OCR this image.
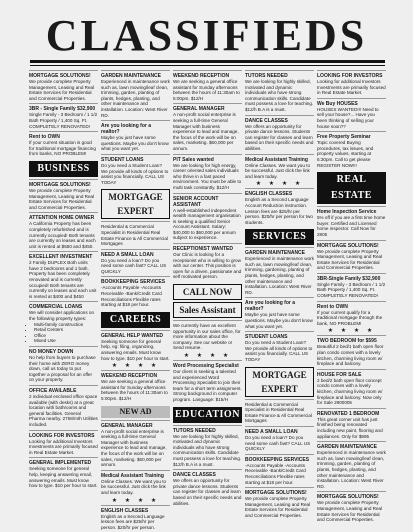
CLASSIFIEDS
MORTGAGE SOLUTIONS!
We provide complete Property Management, Leasing and Real Estate Services for Residential and Commercial Properties.
3BR - Single Family $32,900
Single Family - 3 Bedroom / 1 1/2 Bath Property / 1,400 Sq. Ft. COMPLETELY RENOVATED!
Rent to OWN
If your current situation is good for traditional mortgage financing from banks, NO PROBLEM!
BUSINESS
MORTGAGE SOLUTIONS!
We provide complete Property Management, Leasing and Real Estate Services for Residential and Commercial Properties.
ATTENTION HOME OWNER
A California Property has been completely refurbished and is currently occupied! Both tenants are currently on leases and each unit is rented at $550 and $450.
EXCELLENT INVESTMENT
2 Family DUPLEX Both units have 2 bedrooms and 1 bath. Property has been completely renovated and is currently occupied! Both tenants are currently on leases and each unit is rented at $400 and $450
COMMERCIAL LOANS
We will consider applications on the following property types:
• Multi-family construction
• Retail Centers
• Office
• Mixed Use
NO MONEY DOWN
No help from buyers to purchase their home with ZERO money down, call us today to put together a proposal for an offer on your property.
OFFICE AVAILABLE
2 individual enclosed office space available (with desks) at a great location with bathrooms and general facilities. General Pharma nearby. 2758/mth Utilities included.
LOOKING FOR INVESTORS
Looking for additional Investors Investments are primarily focused in Real Estate Market.
GENERAL IMPLEMENTED
Seeking someone for general help, keeping answering email, answering emails. Must know how to type. $10 per hour to start.
GARDEN MAINTENANCE
Experienced in maintenance work such as, lawn mowing/leaf clean, trimming, garden, planting of plants, hedges, planting, and other maintenance and installation. Location: West River RD.
Are you looking for a realtor?
Maybe you just have some questions. Maybe you don't know what you want yet.
STUDENT LOANS
Do you need a Student Loan? We provide all kinds of options to assist you financially. CALL US TODAY
MORTGAGE EXPERT
Residential & Commercial Specialist in Residential Real Estate Finance & All Commercial Mortgages
NEED A SMALL LOAN
Do you need a loan? Do you need some cash fast? CALL US QUICKLY
BOOKKEEPING SERVICES
-Accounts Payable -Accounts Receivable -Bank/Credit Card Reconciliations Flexible rates starting at $18 per hour.
CAREERS
GENERAL HELP WANTED
Seeking someone for general help, eg: filing, organizing, answering emails. Must know how to type. $10 per hour to start.
★ ★ ★ ★
WEEKEND RECEPTION
We are seeking a general office assistant for Sunday afternoons between the hours of 11:30am to 5:00pm. $12/H
NEW AD
GENERAL MANAGER
A non-profit social enterprise is seeking a full-time General Manager with business experience to lead and manage, the focus of the work will be on sales, marketing. $60,000 per annum.
Medical Assistant Training
Online Classes. We want you to be successful. Just click the link and learn today.
★ ★ ★ ★
ENGLISH CLASSES
English as a Second Language lesson fees are $25/hr per person. $20/hr per person.
WEEKEND RECEPTION
We are seeking a general office assistant for Sunday afternoons between the hours of 11:30am to 5:00pm. $12/H
GENERAL MANAGER
A non-profit social enterprise is seeking a full-time General Manager with business experience to lead and manage, the focus of the work will be on sales, marketing. $60,000 per annum.
PIT Sales wanted
We are looking for high energy, career oriented sales individuals who thrive in a fast paced environment. You must be able to multi task constantly. $12/H
SENIOR ACCOUNT ASSISTANT
A well-established independent wealth management organisation is seeking a qualified Senior Account Assistant. Salary: $40,000 to $60,000 per annum subject to experience.
RECEPTIONIST WANTED
Our Clinic is looking for a receptionist who is willing to grow with our center. This position is open for a driven, passionate and self motivated person.
CALL NOW
Sales Assistant
We currently have an excellent opportunity in our sales office, for more information about the company. See our website or Send resume.
★ ★ ★ ★
Word Processing Specialist
Our client is seeking a talented and experienced Word Processing Specialist to join their team for a short term assignment. Strong background in computer program. Language: $15/H
EDUCATION
TUTORS NEEDED
We are looking for highly skilled, motivated and dynamic individuals who have strong communication skills. Candidate must possess a love for teaching. $12/h B.A is a must.
DANCE CLASSES
We offers an opportunity for private dance lessons. Students can register for classes and learn based on their specific needs and abilities.
TUTORS NEEDED
We are looking for highly skilled, motivated and dynamic individuals who have strong communication skills. Candidate must possess a love for teaching. $12/h B.A is a must.
DANCE CLASSES
We offers an opportunity for private dance lessons. Students can register for classes and learn based on their specific needs and abilities.
Medical Assistant Training
Online Classes. We want you to be successful. Just click the link and learn today.
★ ★ ★ ★
ENGLISH CLASSES
English as a Second Language Account Reduction instruction. Lesson fees are $25/hr per person. $20/hr per person for two students.
SERVICES
GARDEN MAINTENANCE
Experienced in maintenance work such as, lawn mowing/leaf clean, trimming, gardening, planting of plants, hedges, planting, and other maintenance and installation. Location: West River RD.
Are you looking for a realtor?
Maybe you just have some questions. Maybe you don't know what you want yet.
STUDENT LOANS
Do you need a Student Loan? We provide all kinds of options to assist you financially. CALL US TODAY
MORTGAGE EXPERT
Residential & Commercial Specialist in Residential Real Estate Finance & All Commercial Mortgages
NEED A SMALL LOAN
Do you need a loan? Do you need some cash fast? CALL US QUICKLY
BOOKKEEPING SERVICES
-Accounts Payable -Accounts Receivable -Bank/Credit Card Reconciliations Flexible rates starting at $18 per hour.
MORTGAGE SOLUTIONS!
We provide complete Property Management, Leasing and Real Estate Services for Residential and Commercial Properties.
LOOKING FOR INVESTORS
Looking for additional Investors Investments are primarily focused in Real Estate Market.
We Buy HOUSES
HOUSES WANTED!!! Need to sell your house?... Have you been thinking of selling your house soon??
Free Property Seminar
Topic covered Buying procedures, tax issues, and property values, starting at 6:30pm. Call to get please REGISTER NOW!!!
REAL ESTATE
Home Inspection Service
5% off if you are a first time home buyer. Certified and Licensed home inspector. Call Now for 2805
MORTGAGE SOLUTIONS!
We provide complete Property Management, Leasing and Real Estate Services for Residential and Commercial Properties.
3BR-Single Family $32,900
Single Family - 3 Bedroom / 1 1/2 Bath Property / 1,400 Sq. Ft. COMPLETELY RENOVATED!
Rent to OWN
If your current qualify for a traditional mortgage through the bank, NO PROBLEM!
★ ★ ★ ★
TWO BEDROOM for $595
Beautiful 2 bed/1 bath open floor plan condo comes with a lovely kitchen, charming living room w/ fireplace and balcony.
HOUSE FOR SALE
2 bed/2 bath open floor concept condo comes with a lovely kitchen, charming living room w/ fireplace and balcony. Now only for Sale 2900005
RENOVATED 1 BEDROOM
This great corner unit has just finished being renovated including new paint, flooring and appliances. Only for $995
GARDEN MAINTENANCE
Experienced in maintenance work such as, lawn mowing/leaf clean, trimming, garden, planting of plants, hedges, planting, and other maintenance and installation. Location: West River RD.
MORTGAGE SOLUTIONS!
We provide complete Property Management, Leasing and Real Estate Services for Residential and Commercial Properties.
